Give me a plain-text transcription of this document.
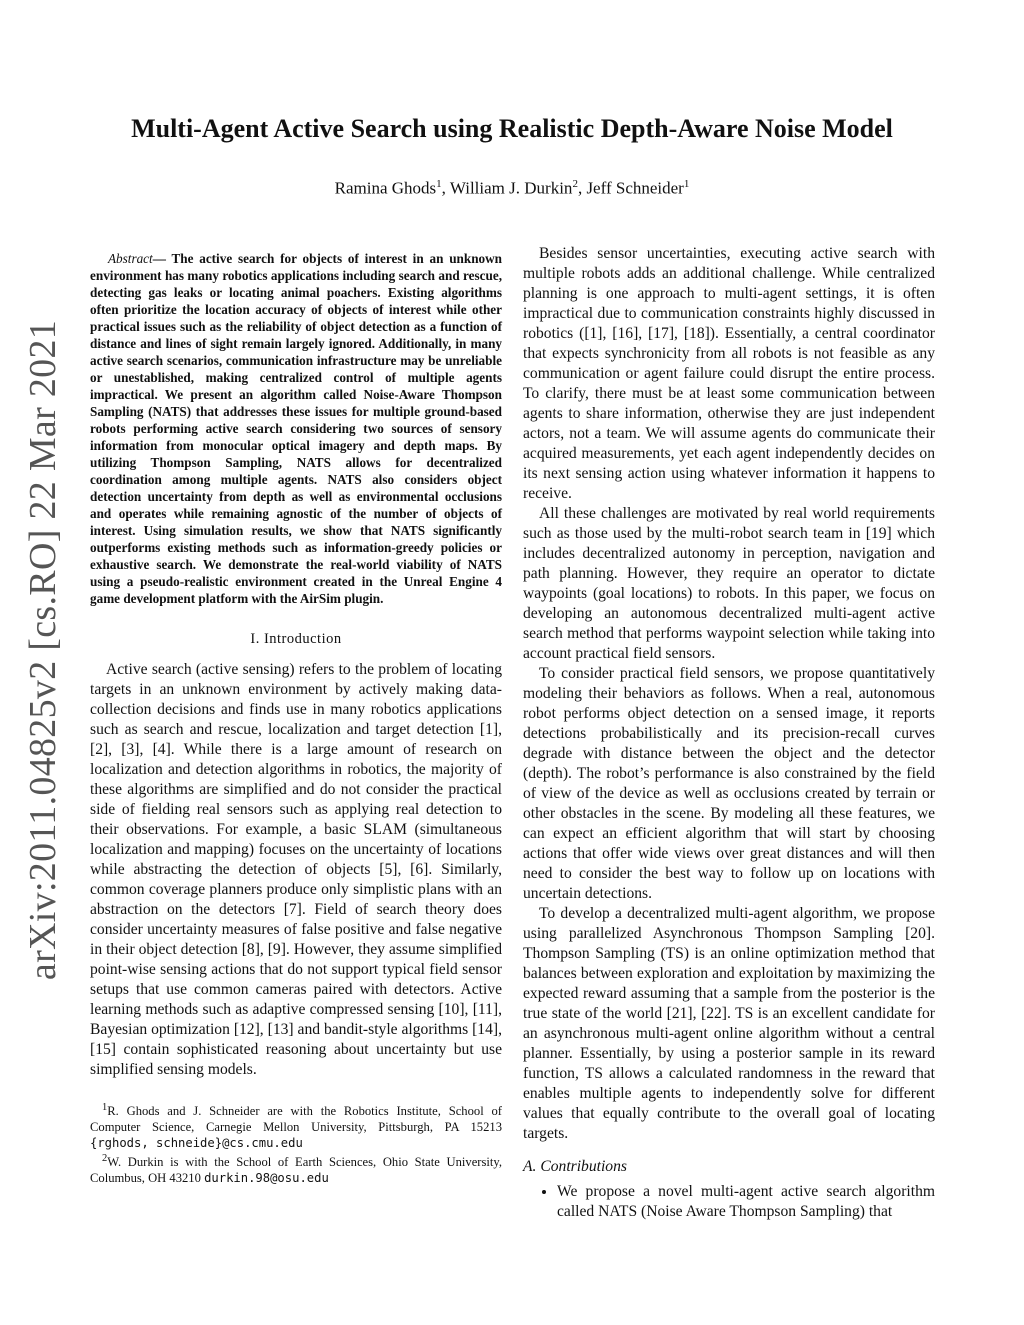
arXiv:2011.04825v2 [cs.RO] 22 Mar 2021
Multi-Agent Active Search using Realistic Depth-Aware Noise Model
Ramina Ghods$^1$, William J. Durkin$^2$, Jeff Schneider$^1$

Abstract— The active search for objects of interest in an unknown environment has many robotics applications including search and rescue, detecting gas leaks or locating animal poachers. Existing algorithms often prioritize the location accuracy of objects of interest while other practical issues such as the reliability of object detection as a function of distance and lines of sight remain largely ignored. Additionally, in many active search scenarios, communication infrastructure may be unreliable or unestablished, making centralized control of multiple agents impractical. We present an algorithm called Noise-Aware Thompson Sampling (NATS) that addresses these issues for multiple ground-based robots performing active search considering two sources of sensory information from monocular optical imagery and depth maps. By utilizing Thompson Sampling, NATS allows for decentralized coordination among multiple agents. NATS also considers object detection uncertainty from depth as well as environmental occlusions and operates while remaining agnostic of the number of objects of interest. Using simulation results, we show that NATS significantly outperforms existing methods such as information-greedy policies or exhaustive search. We demonstrate the real-world viability of NATS using a pseudo-realistic environment created in the Unreal Engine 4 game development platform with the AirSim plugin.

I. Introduction

Active search (active sensing) refers to the problem of locating targets in an unknown environment by actively making data-collection decisions and finds use in many robotics applications such as search and rescue, localization and target detection [1], [2], [3], [4]. While there is a large amount of research on localization and detection algorithms in robotics, the majority of these algorithms are simplified and do not consider the practical side of fielding real sensors such as applying real detection to their observations. For example, a basic SLAM (simultaneous localization and mapping) focuses on the uncertainty of locations while abstracting the detection of objects [5], [6]. Similarly, common coverage planners produce only simplistic plans with an abstraction on the detectors [7]. Field of search theory does consider uncertainty measures of false positive and false negative in their object detection [8], [9]. However, they assume simplified point-wise sensing actions that do not support typical field sensor setups that use common cameras paired with detectors. Active learning methods such as adaptive compressed sensing [10], [11], Bayesian optimization [12], [13] and bandit-style algorithms [14], [15] contain sophisticated reasoning about uncertainty but use simplified sensing models.

$^1$R. Ghods and J. Schneider are with the Robotics Institute, School of Computer Science, Carnegie Mellon University, Pittsburgh, PA 15213 {rghods, schneide}@cs.cmu.edu

$^2$W. Durkin is with the School of Earth Sciences, Ohio State University, Columbus, OH 43210 durkin.98@osu.edu

Besides sensor uncertainties, executing active search with multiple robots adds an additional challenge. While centralized planning is one approach to multi-agent settings, it is often impractical due to communication constraints highly discussed in robotics ([1], [16], [17], [18]). Essentially, a central coordinator that expects synchronicity from all robots is not feasible as any communication or agent failure could disrupt the entire process. To clarify, there must be at least some communication between agents to share information, otherwise they are just independent actors, not a team. We will assume agents do communicate their acquired measurements, yet each agent independently decides on its next sensing action using whatever information it happens to receive.

All these challenges are motivated by real world requirements such as those used by the multi-robot search team in [19] which includes decentralized autonomy in perception, navigation and path planning. However, they require an operator to dictate waypoints (goal locations) to robots. In this paper, we focus on developing an autonomous decentralized multi-agent active search method that performs waypoint selection while taking into account practical field sensors.

To consider practical field sensors, we propose quantitatively modeling their behaviors as follows. When a real, autonomous robot performs object detection on a sensed image, it reports detections probabilistically and its precision-recall curves degrade with distance between the object and the detector (depth). The robot’s performance is also constrained by the field of view of the device as well as occlusions created by terrain or other obstacles in the scene. By modeling all these features, we can expect an efficient algorithm that will start by choosing actions that offer wide views over great distances and will then need to consider the best way to follow up on locations with uncertain detections.

To develop a decentralized multi-agent algorithm, we propose using parallelized Asynchronous Thompson Sampling [20]. Thompson Sampling (TS) is an online optimization method that balances between exploration and exploitation by maximizing the expected reward assuming that a sample from the posterior is the true state of the world [21], [22]. TS is an excellent candidate for an asynchronous multi-agent online algorithm without a central planner. Essentially, by using a posterior sample in its reward function, TS allows a calculated randomness in the reward that enables multiple agents to independently solve for different values that equally contribute to the overall goal of locating targets.

A. Contributions
• We propose a novel multi-agent active search algorithm called NATS (Noise Aware Thompson Sampling) that
